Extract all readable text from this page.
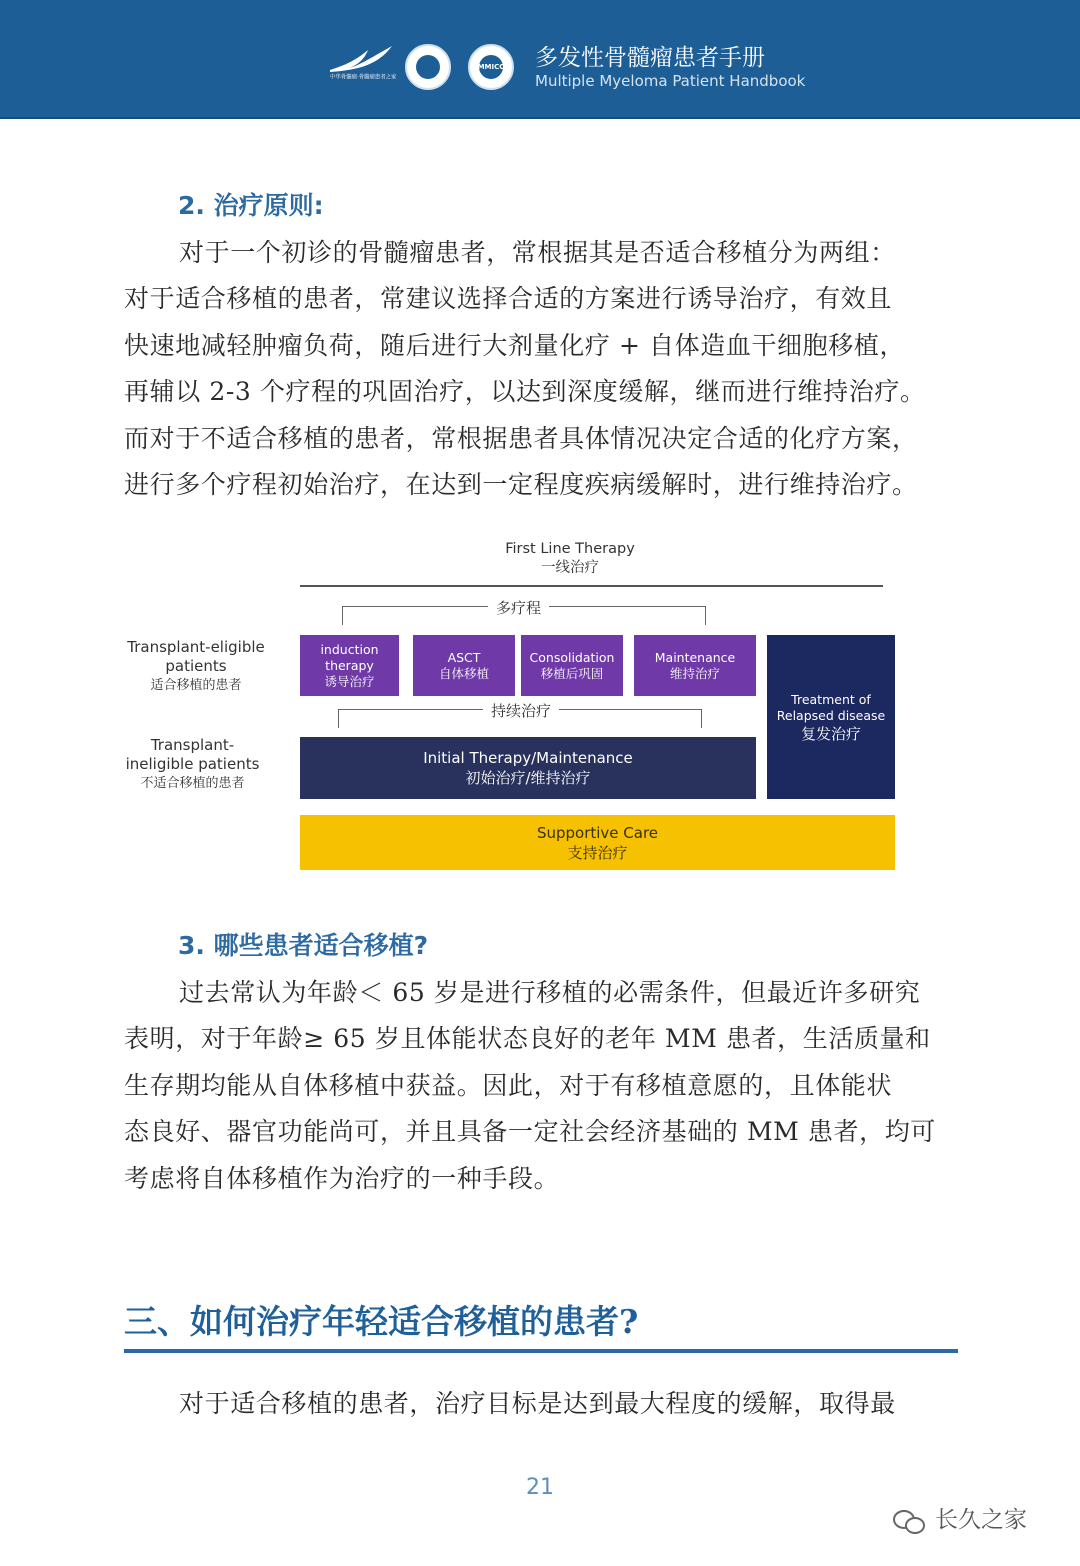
中华骨髓瘤·骨髓瘤患者之家
MMICC	多发性骨髓瘤患者手册
Multiple Myeloma Patient Handbook
2. 治疗原则:
对于一个初诊的骨髓瘤患者，常根据其是否适合移植分为两组：
对于适合移植的患者，常建议选择合适的方案进行诱导治疗，有效且
快速地减轻肿瘤负荷，随后进行大剂量化疗 + 自体造血干细胞移植，
再辅以 2-3 个疗程的巩固治疗，以达到深度缓解，继而进行维持治疗。
而对于不适合移植的患者，常根据患者具体情况决定合适的化疗方案，
进行多个疗程初始治疗，在达到一定程度疾病缓解时，进行维持治疗。
First Line Therapy
一线治疗
多疗程
Transplant-eligible
patients
适合移植的患者
induction
therapy
诱导治疗
ASCT
自体移植
Consolidation
移植后巩固
Maintenance
维持治疗
Treatment of
Relapsed disease
复发治疗
持续治疗
Transplant-
ineligible patients
不适合移植的患者
Initial Therapy/Maintenance
初始治疗/维持治疗
Supportive Care
支持治疗
3. 哪些患者适合移植?
过去常认为年龄＜ 65 岁是进行移植的必需条件，但最近许多研究
表明，对于年龄≥ 65 岁且体能状态良好的老年 MM 患者，生活质量和
生存期均能从自体移植中获益。因此，对于有移植意愿的，且体能状
态良好、器官功能尚可，并且具备一定社会经济基础的 MM 患者，均可
考虑将自体移植作为治疗的一种手段。
三、如何治疗年轻适合移植的患者?
对于适合移植的患者，治疗目标是达到最大程度的缓解，取得最
21
长久之家
